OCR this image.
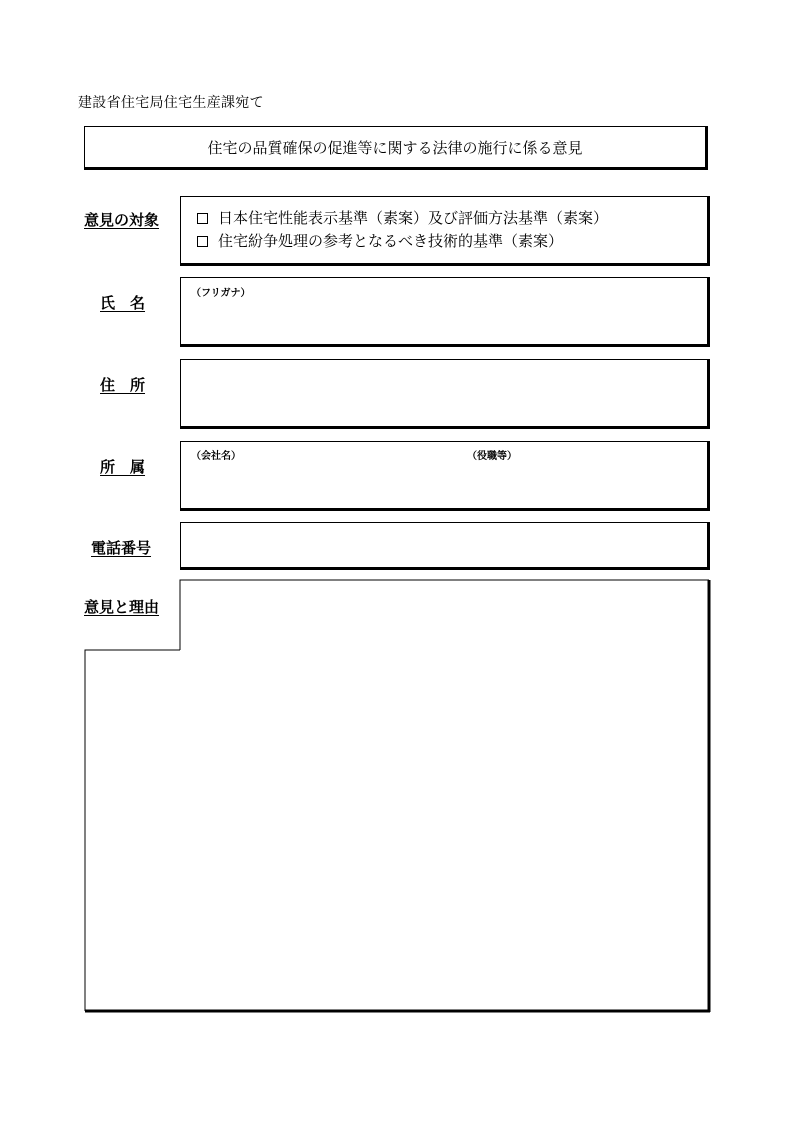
建設省住宅局住宅生産課宛て
住宅の品質確保の促進等に関する法律の施行に係る意見
意見の対象	日本住宅性能表示基準（素案）及び評価方法基準（素案）
住宅紛争処理の参考となるべき技術的基準（素案）
氏　名
（フリガナ）
住　所
所　属
（会社名）	（役職等）
電話番号
意見と理由
